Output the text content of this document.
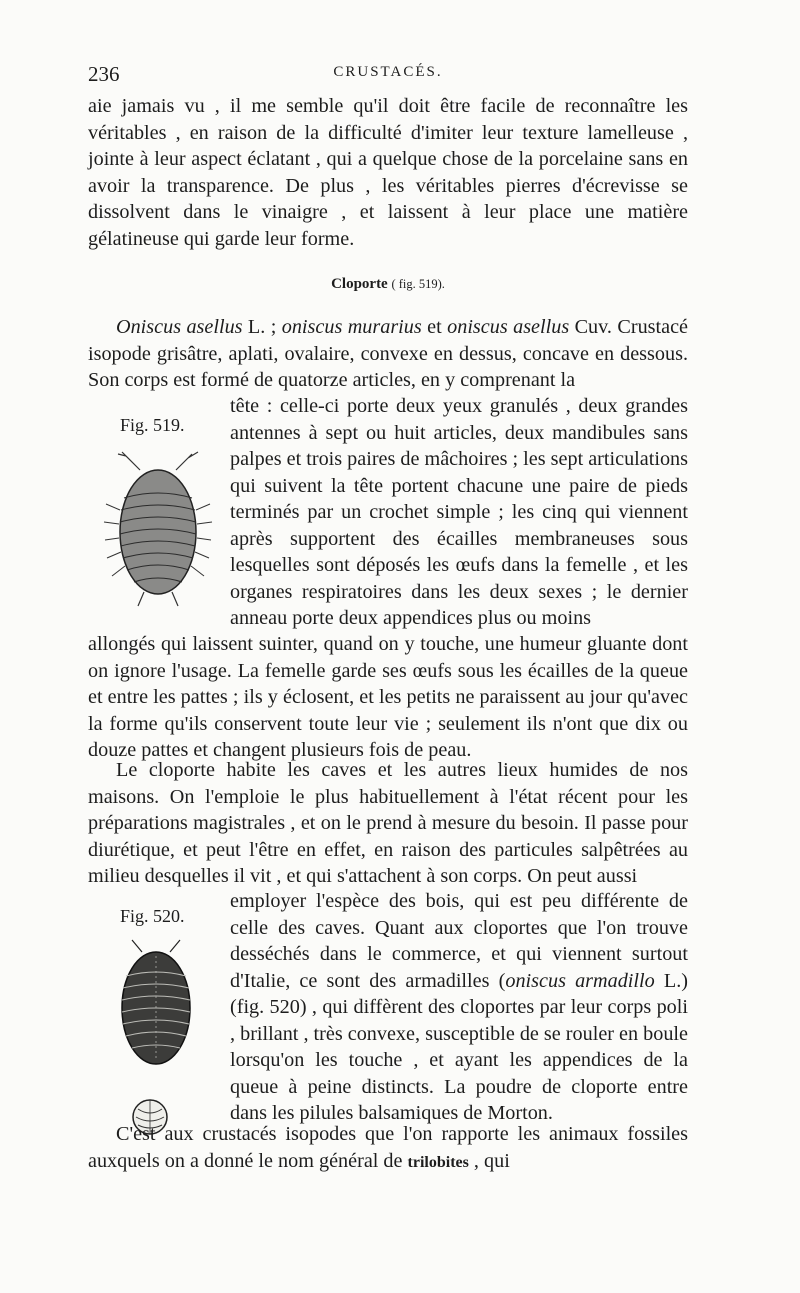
236	CRUSTACÉS.

aie jamais vu , il me semble qu'il doit être facile de reconnaître les véritables , en raison de la difficulté d'imiter leur texture lamelleuse , jointe à leur aspect éclatant , qui a quelque chose de la porcelaine sans en avoir la transparence. De plus , les véritables pierres d'écrevisse se dissolvent dans le vinaigre , et laissent à leur place une matière gélatineuse qui garde leur forme.

Cloporte ( fig. 519).

Oniscus asellus L. ; oniscus murarius et oniscus asellus Cuv. Crustacé isopode grisâtre, aplati, ovalaire, convexe en dessus, concave en dessous. Son corps est formé de quatorze articles, en y comprenant la

Fig. 519.

tête : celle-ci porte deux yeux granulés , deux grandes antennes à sept ou huit articles, deux mandibules sans palpes et trois paires de mâchoires ; les sept articulations qui suivent la tête portent chacune une paire de pieds terminés par un crochet simple ; les cinq qui viennent après supportent des écailles membraneuses sous lesquelles sont déposés les œufs dans la femelle , et les organes respiratoires dans les deux sexes ; le dernier anneau porte deux appendices plus ou moins

allongés qui laissent suinter, quand on y touche, une humeur gluante dont on ignore l'usage. La femelle garde ses œufs sous les écailles de la queue et entre les pattes ; ils y éclosent, et les petits ne paraissent au jour qu'avec la forme qu'ils conservent toute leur vie ; seulement ils n'ont que dix ou douze pattes et changent plusieurs fois de peau.

Le cloporte habite les caves et les autres lieux humides de nos maisons. On l'emploie le plus habituellement à l'état récent pour les préparations magistrales , et on le prend à mesure du besoin. Il passe pour diurétique, et peut l'être en effet, en raison des particules salpêtrées au milieu desquelles il vit , et qui s'attachent à son corps. On peut aussi

Fig. 520.

employer l'espèce des bois, qui est peu différente de celle des caves. Quant aux cloportes que l'on trouve desséchés dans le commerce, et qui viennent surtout d'Italie, ce sont des armadilles (oniscus armadillo L.) (fig. 520) , qui diffèrent des cloportes par leur corps poli , brillant , très convexe, susceptible de se rouler en boule lorsqu'on les touche , et ayant les appendices de la queue à peine distincts. La poudre de cloporte entre dans les pilules balsamiques de Morton.

C'est aux crustacés isopodes que l'on rapporte les animaux fossiles auxquels on a donné le nom général de trilobites , qui
